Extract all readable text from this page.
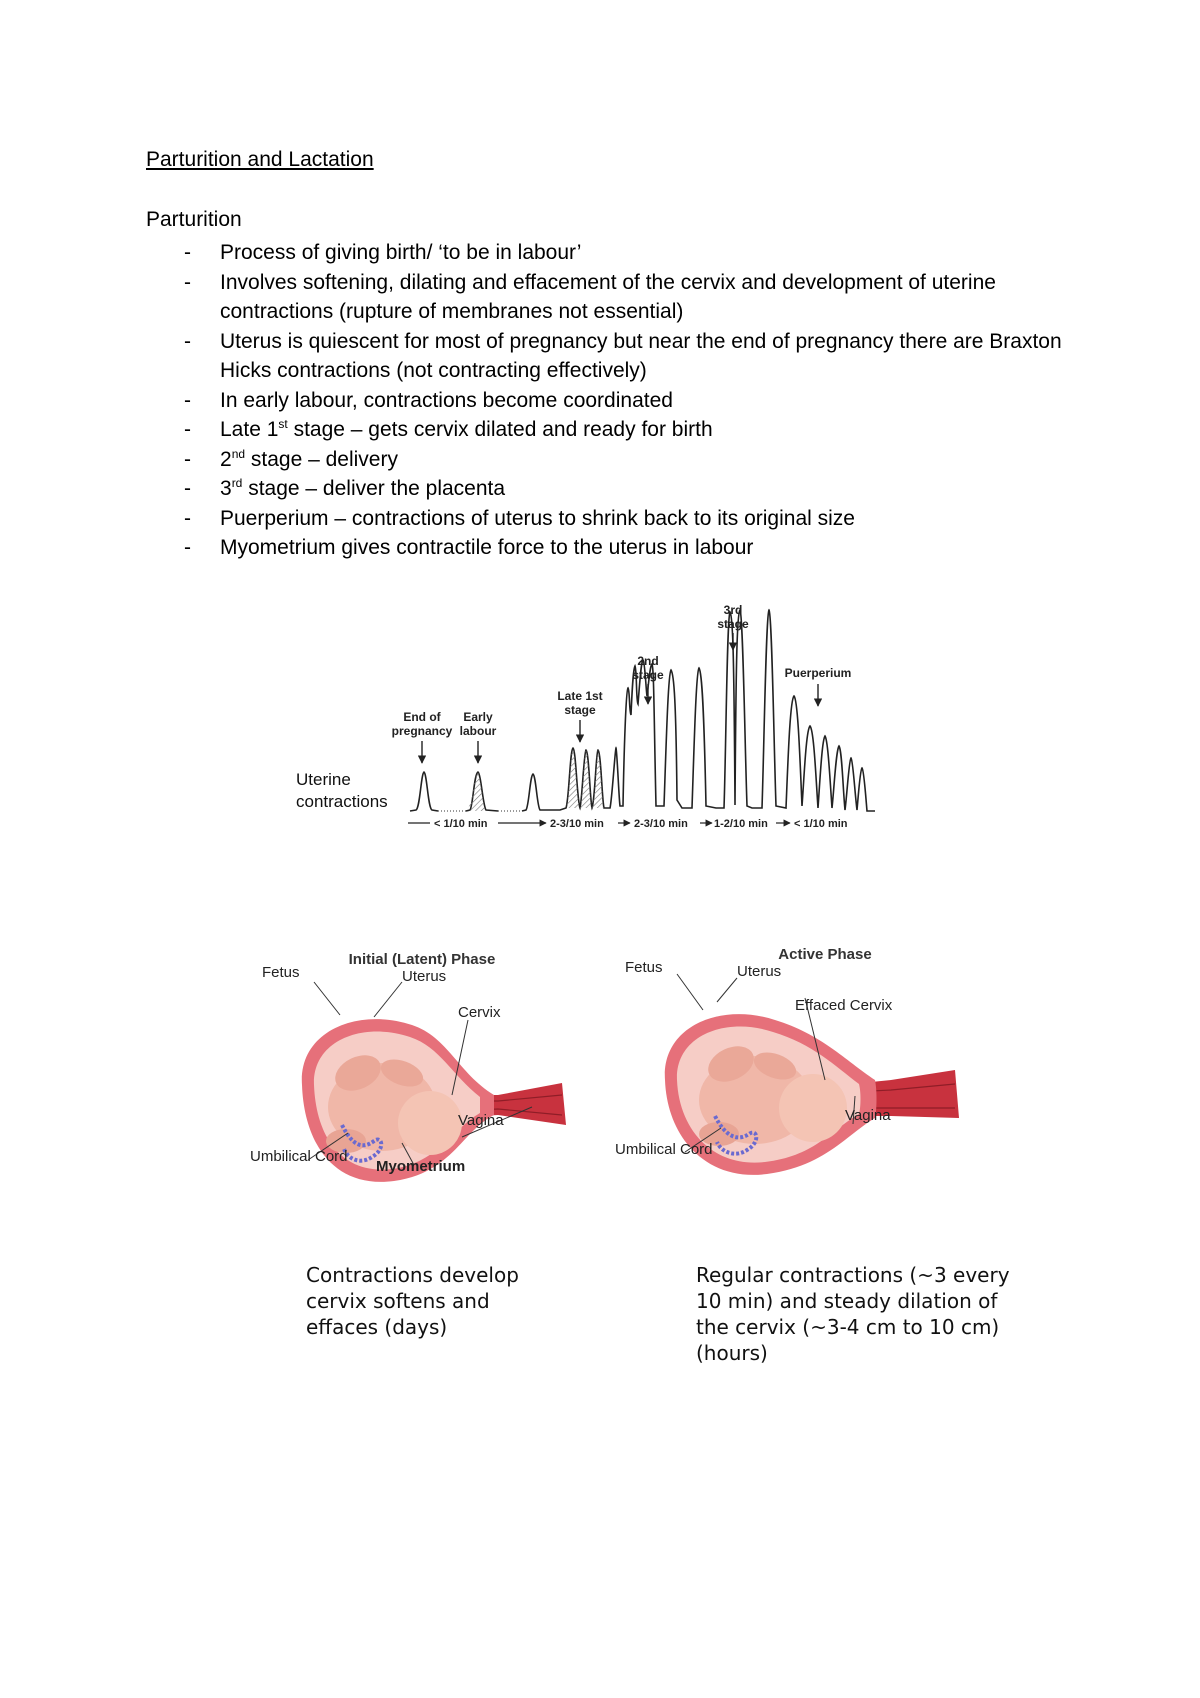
Parturition and Lactation
Parturition
- Process of giving birth/ ‘to be in labour’
- Involves softening, dilating and effacement of the cervix and development of uterine contractions (rupture of membranes not essential)
- Uterus is quiescent for most of pregnancy but near the end of pregnancy there are Braxton Hicks contractions (not contracting effectively)
- In early labour, contractions become coordinated
- Late 1st stage – gets cervix dilated and ready for birth
- 2nd stage – delivery
- 3rd stage – deliver the placenta
- Puerperium – contractions of uterus to shrink back to its original size
- Myometrium gives contractile force to the uterus in labour
Uterine
contractions
End of
pregnancy
Early
labour
Late 1st
stage
2nd
stage
3rd
stage
Puerperium
< 1/10 min	2-3/10 min	2-3/10 min 1-2/10 min < 1/10 min
Initial (Latent) Phase
Fetus	Uterus
Cervix
Vagina
Umbilical Cord
Myometrium
Active Phase
Fetus	Uterus
Effaced Cervix
Vagina
Umbilical Cord
Contractions develop
cervix softens and
effaces (days)
Regular contractions (~3 every
10 min) and steady dilation of
the cervix (~3-4 cm to 10 cm)
(hours)
